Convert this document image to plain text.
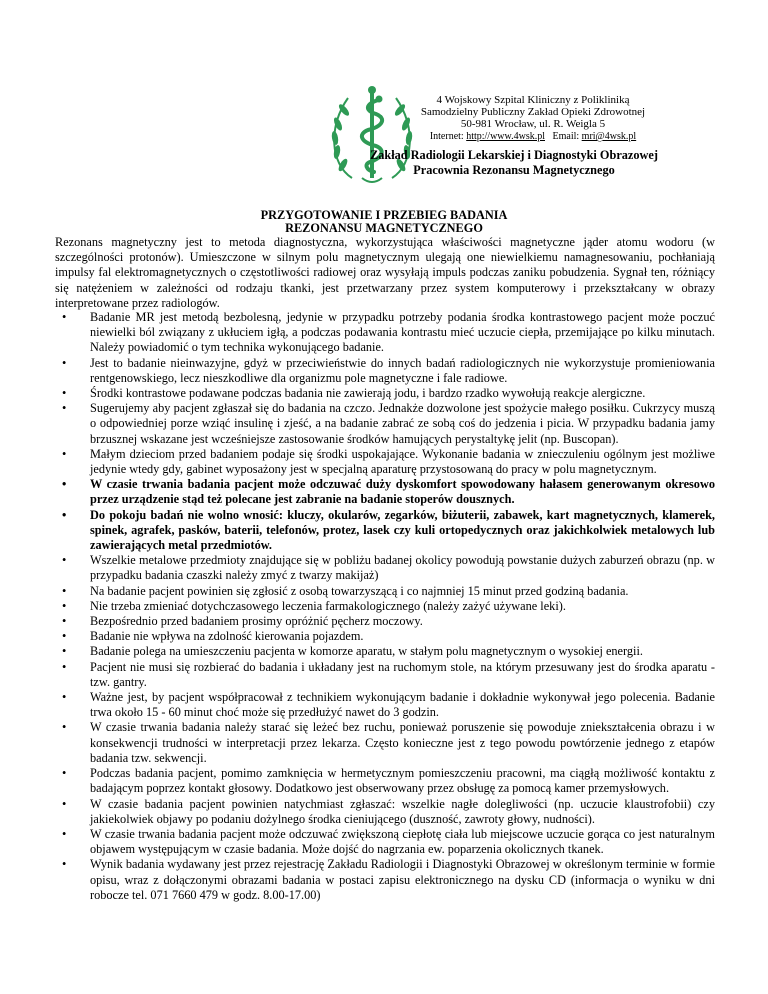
4 Wojskowy Szpital Kliniczny z Polikliniką
Samodzielny Publiczny Zakład Opieki Zdrowotnej
50-981 Wrocław, ul. R. Weigla 5
Internet: http://www.4wsk.pl Email: mri@4wsk.pl
Zakład Radiologii Lekarskiej i Diagnostyki Obrazowej
Pracownia Rezonansu Magnetycznego
PRZYGOTOWANIE I PRZEBIEG BADANIA
REZONANSU MAGNETYCZNEGO
Rezonans magnetyczny jest to metoda diagnostyczna, wykorzystująca właściwości magnetyczne jąder atomu wodoru (w szczególności protonów). Umieszczone w silnym polu magnetycznym ulegają one niewielkiemu namagnesowaniu, pochłaniają impulsy fal elektromagnetycznych o częstotliwości radiowej oraz wysyłają impuls podczas zaniku pobudzenia. Sygnał ten, różniący się natężeniem w zależności od rodzaju tkanki, jest przetwarzany przez system komputerowy i przekształcany w obrazy interpretowane przez radiologów.
• Badanie MR jest metodą bezbolesną, jedynie w przypadku potrzeby podania środka kontrastowego pacjent może poczuć niewielki ból związany z ukłuciem igłą, a podczas podawania kontrastu mieć uczucie ciepła, przemijające po kilku minutach. Należy powiadomić o tym technika wykonującego badanie.
• Jest to badanie nieinwazyjne, gdyż w przeciwieństwie do innych badań radiologicznych nie wykorzystuje promieniowania rentgenowskiego, lecz nieszkodliwe dla organizmu pole magnetyczne i fale radiowe.
• Środki kontrastowe podawane podczas badania nie zawierają jodu, i bardzo rzadko wywołują reakcje alergiczne.
• Sugerujemy aby pacjent zgłaszał się do badania na czczo. Jednakże dozwolone jest spożycie małego posiłku. Cukrzycy muszą o odpowiedniej porze wziąć insulinę i zjeść, a na badanie zabrać ze sobą coś do jedzenia i picia. W przypadku badania jamy brzusznej wskazane jest wcześniejsze zastosowanie środków hamujących perystaltykę jelit (np. Buscopan).
• Małym dzieciom przed badaniem podaje się środki uspokajające. Wykonanie badania w znieczuleniu ogólnym jest możliwe jedynie wtedy gdy, gabinet wyposażony jest w specjalną aparaturę przystosowaną do pracy w polu magnetycznym.
• W czasie trwania badania pacjent może odczuwać duży dyskomfort spowodowany hałasem generowanym okresowo przez urządzenie stąd też polecane jest zabranie na badanie stoperów dousznych.
• Do pokoju badań nie wolno wnosić: kluczy, okularów, zegarków, biżuterii, zabawek, kart magnetycznych, klamerek, spinek, agrafek, pasków, baterii, telefonów, protez, lasek czy kuli ortopedycznych oraz jakichkolwiek metalowych lub zawierających metal przedmiotów.
• Wszelkie metalowe przedmioty znajdujące się w pobliżu badanej okolicy powodują powstanie dużych zaburzeń obrazu (np. w przypadku badania czaszki należy zmyć z twarzy makijaż)
• Na badanie pacjent powinien się zgłosić z osobą towarzyszącą i co najmniej 15 minut przed godziną badania.
• Nie trzeba zmieniać dotychczasowego leczenia farmakologicznego (należy zażyć używane leki).
• Bezpośrednio przed badaniem prosimy opróżnić pęcherz moczowy.
• Badanie nie wpływa na zdolność kierowania pojazdem.
• Badanie polega na umieszczeniu pacjenta w komorze aparatu, w stałym polu magnetycznym o wysokiej energii.
• Pacjent nie musi się rozbierać do badania i układany jest na ruchomym stole, na którym przesuwany jest do środka aparatu - tzw. gantry.
• Ważne jest, by pacjent współpracował z technikiem wykonującym badanie i dokładnie wykonywał jego polecenia. Badanie trwa około 15 - 60 minut choć może się przedłużyć nawet do 3 godzin.
• W czasie trwania badania należy starać się leżeć bez ruchu, ponieważ poruszenie się powoduje zniekształcenia obrazu i w konsekwencji trudności w interpretacji przez lekarza. Często konieczne jest z tego powodu powtórzenie jednego z etapów badania tzw. sekwencji.
• Podczas badania pacjent, pomimo zamknięcia w hermetycznym pomieszczeniu pracowni, ma ciągłą możliwość kontaktu z badającym poprzez kontakt głosowy. Dodatkowo jest obserwowany przez obsługę za pomocą kamer przemysłowych.
• W czasie badania pacjent powinien natychmiast zgłaszać: wszelkie nagłe dolegliwości (np. uczucie klaustrofobii) czy jakiekolwiek objawy po podaniu dożylnego środka cieniującego (duszność, zawroty głowy, nudności).
• W czasie trwania badania pacjent może odczuwać zwiększoną ciepłotę ciała lub miejscowe uczucie gorąca co jest naturalnym objawem występującym w czasie badania. Może dojść do nagrzania ew. poparzenia okolicznych tkanek.
• Wynik badania wydawany jest przez rejestrację Zakładu Radiologii i Diagnostyki Obrazowej w określonym terminie w formie opisu, wraz z dołączonymi obrazami badania w postaci zapisu elektronicznego na dysku CD (informacja o wyniku w dni robocze tel. 071 7660 479 w godz. 8.00-17.00)
